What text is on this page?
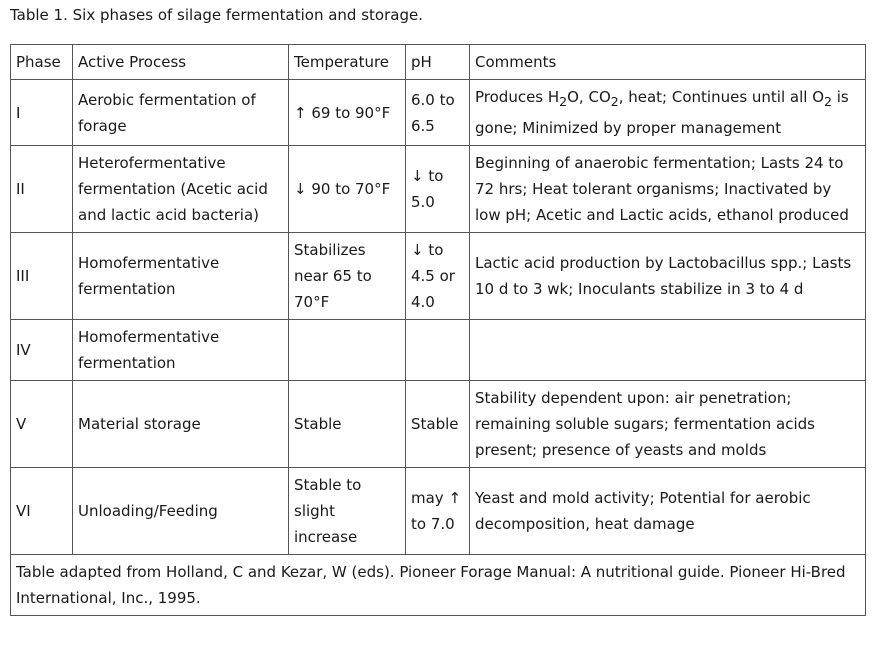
Table 1. Six phases of silage fermentation and storage.
Phase	Active Process	Temperature	pH	Comments
I	Aerobic fermentation of forage	↑ 69 to 90°F	6.0 to 6.5	Produces $H_2O$, $CO_2$, heat; Continues until all $O_2$ is gone; Minimized by proper management
II	Heterofermentative fermentation (Acetic acid and lactic acid bacteria)	↓ 90 to 70°F	↓ to 5.0	Beginning of anaerobic fermentation; Lasts 24 to 72 hrs; Heat tolerant organisms; Inactivated by low pH; Acetic and Lactic acids, ethanol produced
III	Homofermentative fermentation	Stabilizes near 65 to 70°F	↓ to 4.5 or 4.0	Lactic acid production by Lactobacillus spp.; Lasts 10 d to 3 wk; Inoculants stabilize in 3 to 4 d
IV	Homofermentative fermentation			
V	Material storage	Stable	Stable	Stability dependent upon: air penetration; remaining soluble sugars; fermentation acids present; presence of yeasts and molds
VI	Unloading/Feeding	Stable to slight increase	may ↑ to 7.0	Yeast and mold activity; Potential for aerobic decomposition, heat damage
Table adapted from Holland, C and Kezar, W (eds). Pioneer Forage Manual: A nutritional guide. Pioneer Hi-Bred International, Inc., 1995.				
